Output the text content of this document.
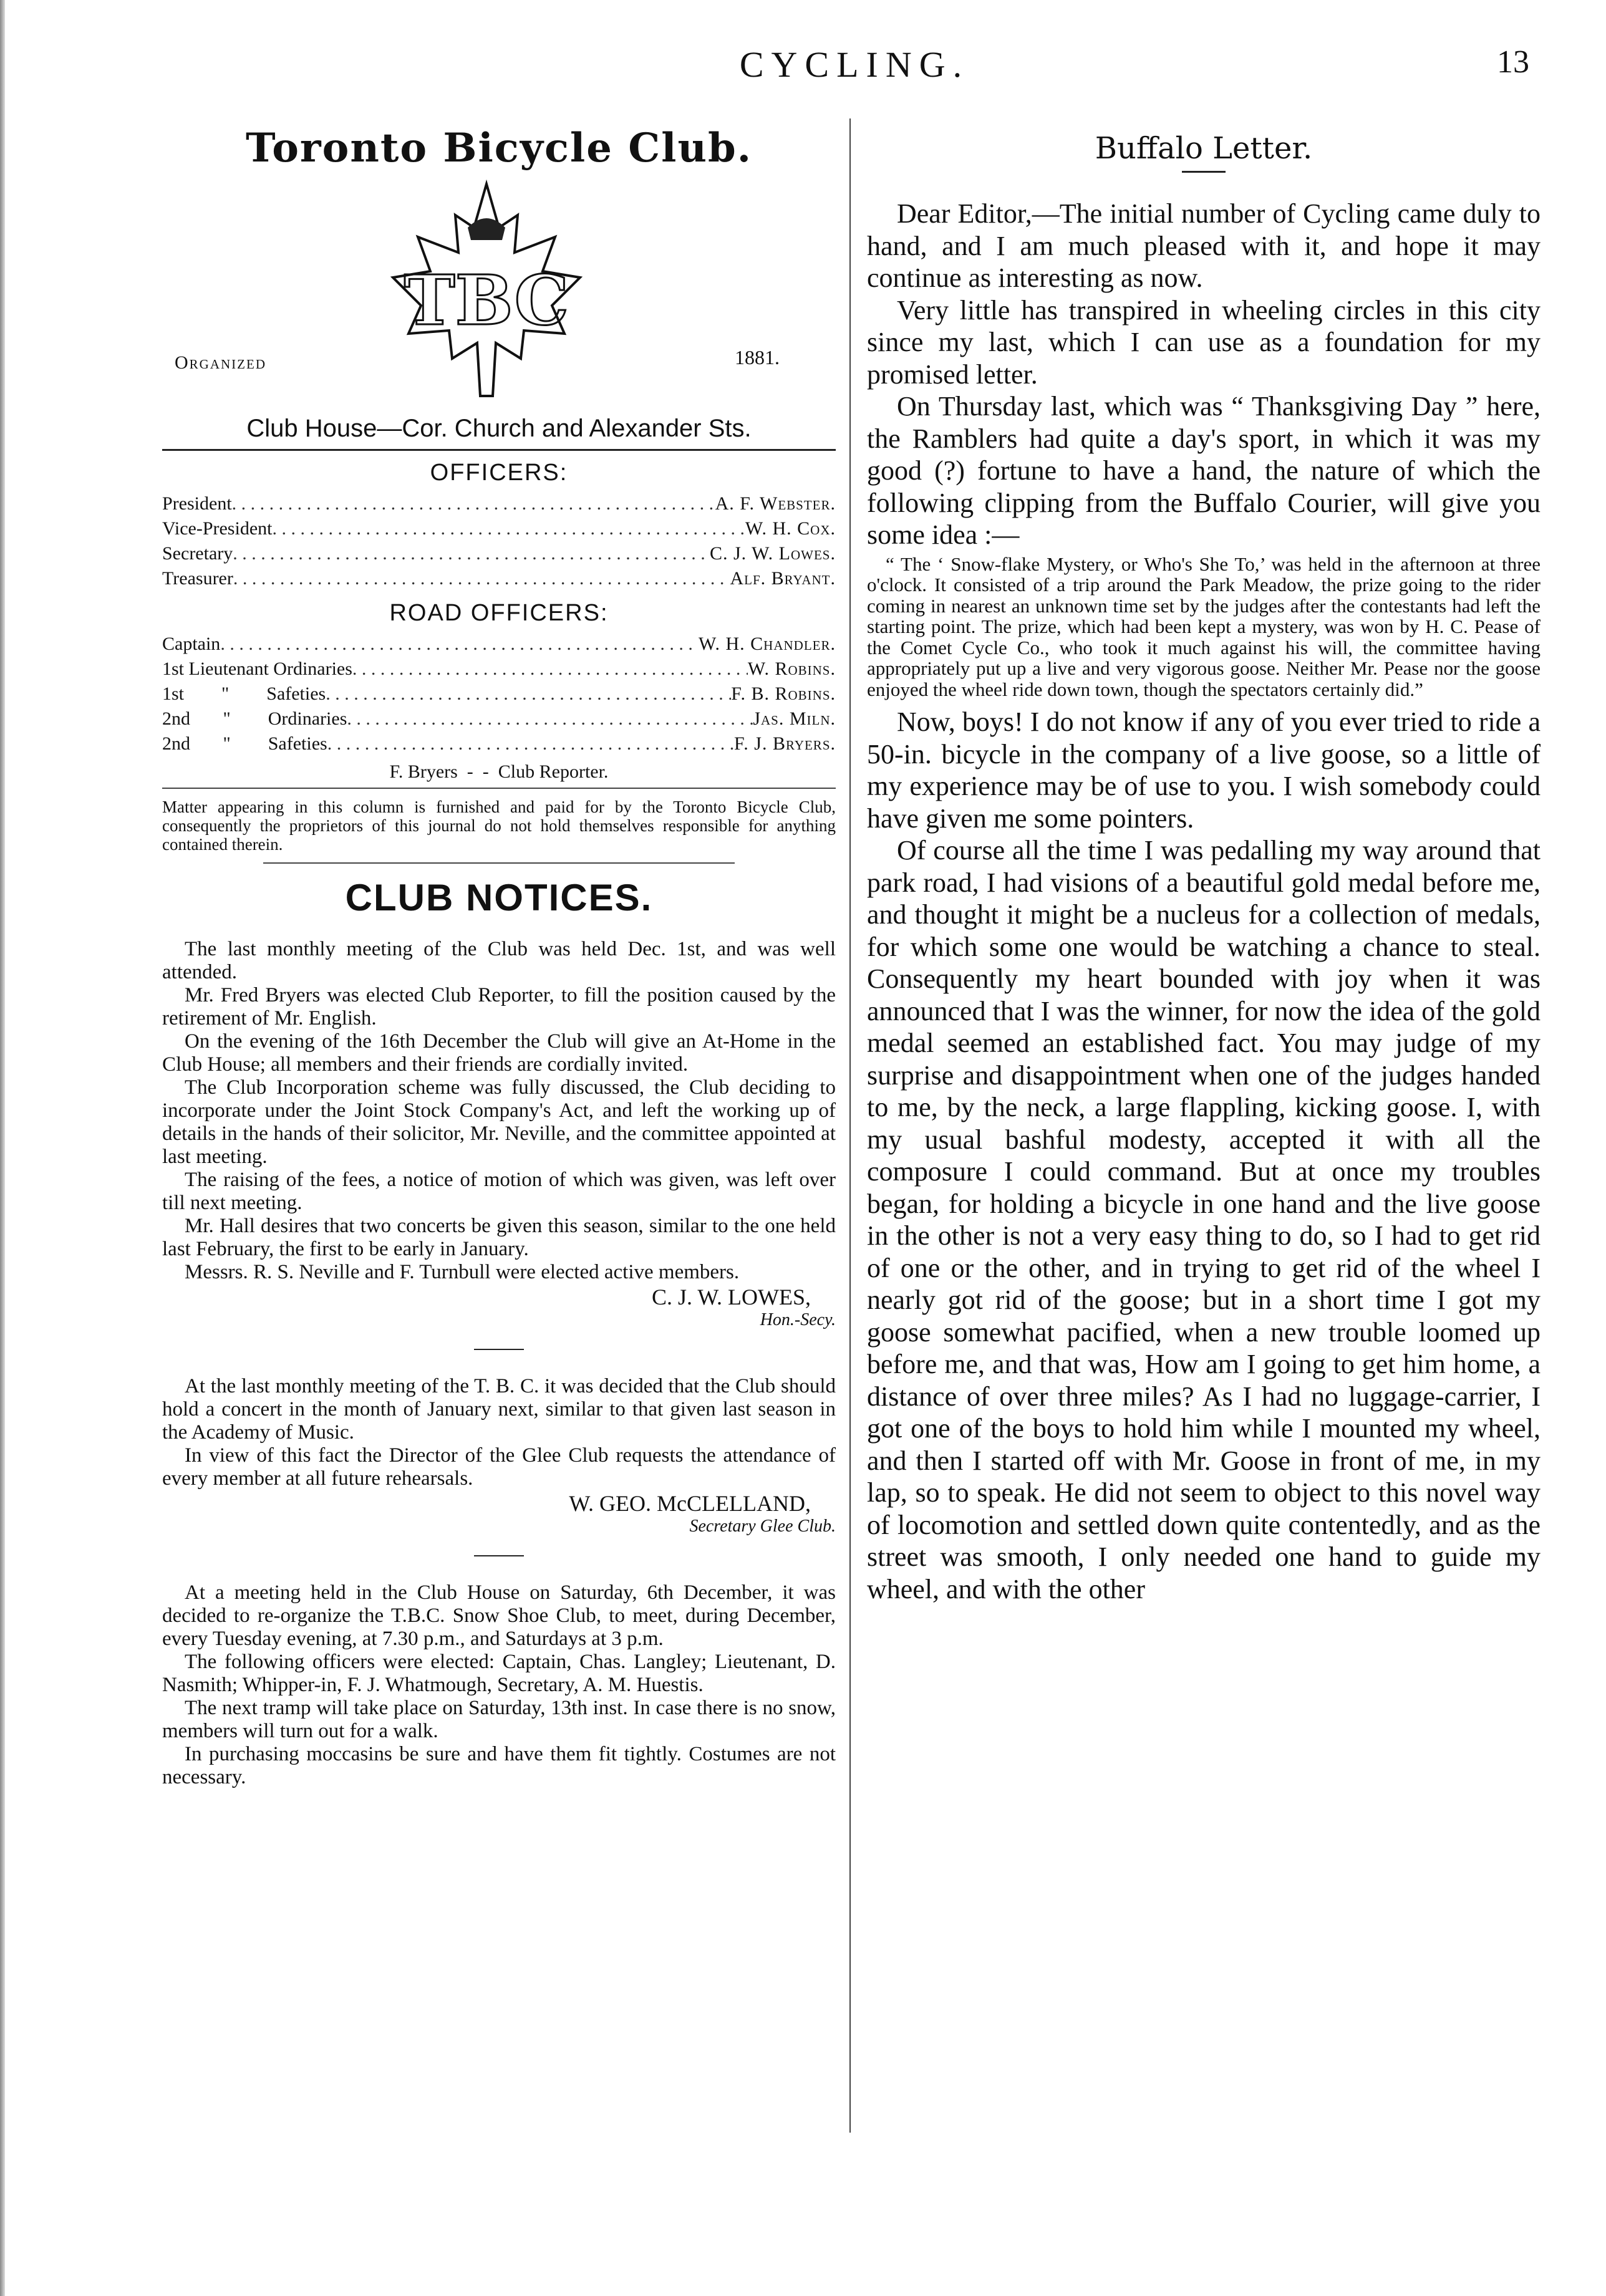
CYCLING.	13
Toronto Bicycle Club.
Organized
TBC
1881.
Club House—Cor. Church and Alexander Sts.
OFFICERS:
President . . .	A. F. Webster.
Vice-President . . .	W. H. Cox.
Secretary . . .	C. J. W. Lowes.
Treasurer . . .	Alf. Bryant.
ROAD OFFICERS:
Captain . . .	W. H. Chandler.
1st Lieutenant Ordinaries . . .	W. Robins.
1st        "        Safeties . . .	F. B. Robins.
2nd       "        Ordinaries . . .	Jas. Miln.
2nd       "        Safeties . . .	F. J. Bryers.
F. Bryers  -  -  Club Reporter.

Matter appearing in this column is furnished and paid for by the Toronto Bicycle Club, consequently the proprietors of this journal do not hold themselves responsible for anything contained therein.

CLUB NOTICES.

The last monthly meeting of the Club was held Dec. 1st, and was well attended.

Mr. Fred Bryers was elected Club Reporter, to fill the position caused by the retirement of Mr. English.

On the evening of the 16th December the Club will give an At-Home in the Club House; all members and their friends are cordially invited.

The Club Incorporation scheme was fully discussed, the Club deciding to incorporate under the Joint Stock Company's Act, and left the working up of details in the hands of their solicitor, Mr. Neville, and the committee appointed at last meeting.

The raising of the fees, a notice of motion of which was given, was left over till next meeting.

Mr. Hall desires that two concerts be given this season, similar to the one held last February, the first to be early in January.

Messrs. R. S. Neville and F. Turnbull were elected active members.

C. J. W. LOWES,
Hon.-Secy.

At the last monthly meeting of the T. B. C. it was decided that the Club should hold a concert in the month of January next, similar to that given last season in the Academy of Music.

In view of this fact the Director of the Glee Club requests the attendance of every member at all future rehearsals.

W. GEO. McCLELLAND,
Secretary Glee Club.

At a meeting held in the Club House on Saturday, 6th December, it was decided to re-organize the T.B.C. Snow Shoe Club, to meet, during December, every Tuesday evening, at 7.30 p.m., and Saturdays at 3 p.m.

The following officers were elected: Captain, Chas. Langley; Lieutenant, D. Nasmith; Whipper-in, F. J. Whatmough, Secretary, A. M. Huestis.

The next tramp will take place on Saturday, 13th inst. In case there is no snow, members will turn out for a walk.

In purchasing moccasins be sure and have them fit tightly. Costumes are not necessary.

Buffalo Letter.

Dear Editor,—The initial number of Cycling came duly to hand, and I am much pleased with it, and hope it may continue as interesting as now.

Very little has transpired in wheeling circles in this city since my last, which I can use as a foundation for my promised letter.

On Thursday last, which was “ Thanksgiving Day ” here, the Ramblers had quite a day's sport, in which it was my good (?) fortune to have a hand, the nature of which the following clipping from the Buffalo Courier, will give you some idea :—

“ The ‘ Snow-flake Mystery, or Who's She To,’ was held in the afternoon at three o'clock. It consisted of a trip around the Park Meadow, the prize going to the rider coming in nearest an unknown time set by the judges after the contestants had left the starting point. The prize, which had been kept a mystery, was won by H. C. Pease of the Comet Cycle Co., who took it much against his will, the committee having appropriately put up a live and very vigorous goose. Neither Mr. Pease nor the goose enjoyed the wheel ride down town, though the spectators certainly did.”

Now, boys! I do not know if any of you ever tried to ride a 50-in. bicycle in the company of a live goose, so a little of my experience may be of use to you. I wish somebody could have given me some pointers.

Of course all the time I was pedalling my way around that park road, I had visions of a beautiful gold medal before me, and thought it might be a nucleus for a collection of medals, for which some one would be watching a chance to steal. Consequently my heart bounded with joy when it was announced that I was the winner, for now the idea of the gold medal seemed an established fact. You may judge of my surprise and disappointment when one of the judges handed to me, by the neck, a large flappling, kicking goose. I, with my usual bashful modesty, accepted it with all the composure I could command. But at once my troubles began, for holding a bicycle in one hand and the live goose in the other is not a very easy thing to do, so I had to get rid of one or the other, and in trying to get rid of the wheel I nearly got rid of the goose; but in a short time I got my goose somewhat pacified, when a new trouble loomed up before me, and that was, How am I going to get him home, a distance of over three miles? As I had no luggage-carrier, I got one of the boys to hold him while I mounted my wheel, and then I started off with Mr. Goose in front of me, in my lap, so to speak. He did not seem to object to this novel way of locomotion and settled down quite contentedly, and as the street was smooth, I only needed one hand to guide my wheel, and with the other
